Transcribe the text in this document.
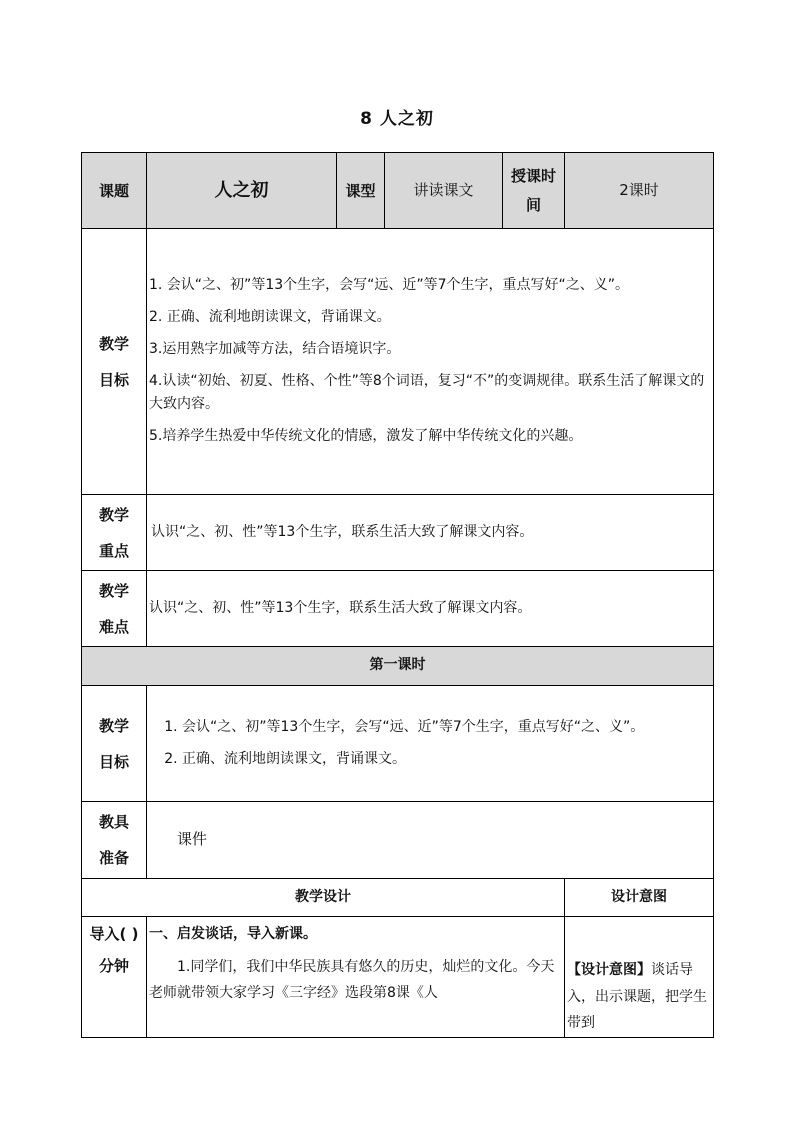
8 人之初
课题	人之初	课型	讲读课文	授课时间	2课时
教学目标	1. 会认“之、初”等13个生字，会写“远、近”等7个生字，重点写好“之、义”。

2. 正确、流利地朗读课文，背诵课文。

3.运用熟字加减等方法，结合语境识字。

4.认读“初始、初夏、性格、个性”等8个词语，复习“不”的变调规律。联系生活了解课文的大致内容。

5.培养学生热爱中华传统文化的情感，激发了解中华传统文化的兴趣。				

教学重点	认识“之、初、性”等13个生字，联系生活大致了解课文内容。				
教学难点	认识“之、初、性”等13个生字，联系生活大致了解课文内容。				
第一课时					
教学目标	1. 会认“之、初”等13个生字，会写“远、近”等7个生字，重点写好“之、义”。

2. 正确、流利地朗读课文，背诵课文。				

教具准备	课件				
教学设计					设计意图
导入( )分钟	一、启发谈话，导入新课。
1.同学们，我们中华民族具有悠久的历史，灿烂的文化。今天老师就带领大家学习《三字经》选段第8课《人				【设计意图】谈话导入，出示课题，把学生带到
